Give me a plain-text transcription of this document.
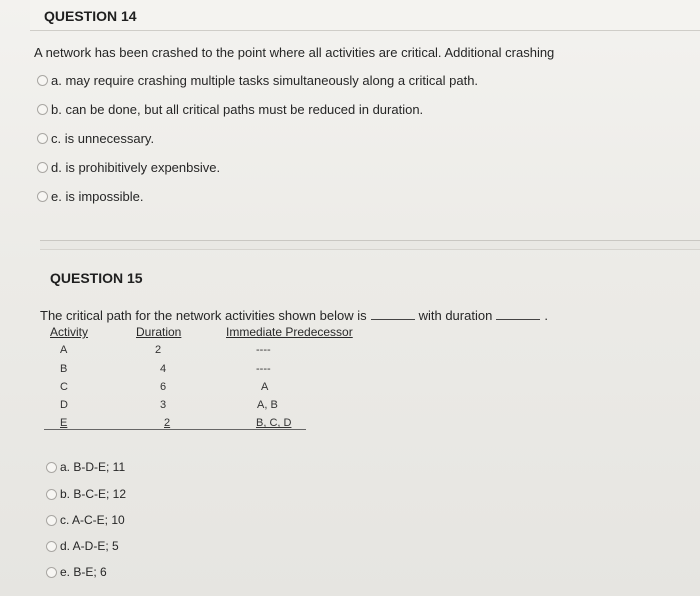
QUESTION 14
A network has been crashed to the point where all activities are critical. Additional crashing
a. may require crashing multiple tasks simultaneously along a critical path.
b. can be done, but all critical paths must be reduced in duration.
c. is unnecessary.
d. is prohibitively expenbsive.
e. is impossible.
QUESTION 15
The critical path for the network activities shown below is	with duration	.
Activity	Duration	Immediate Predecessor
A	2	----
B	4	----
C	6	A
D	3	A, B
E	2	B, C, D
a. B-D-E; 11
b. B-C-E; 12
c. A-C-E; 10
d. A-D-E; 5
e. B-E; 6
